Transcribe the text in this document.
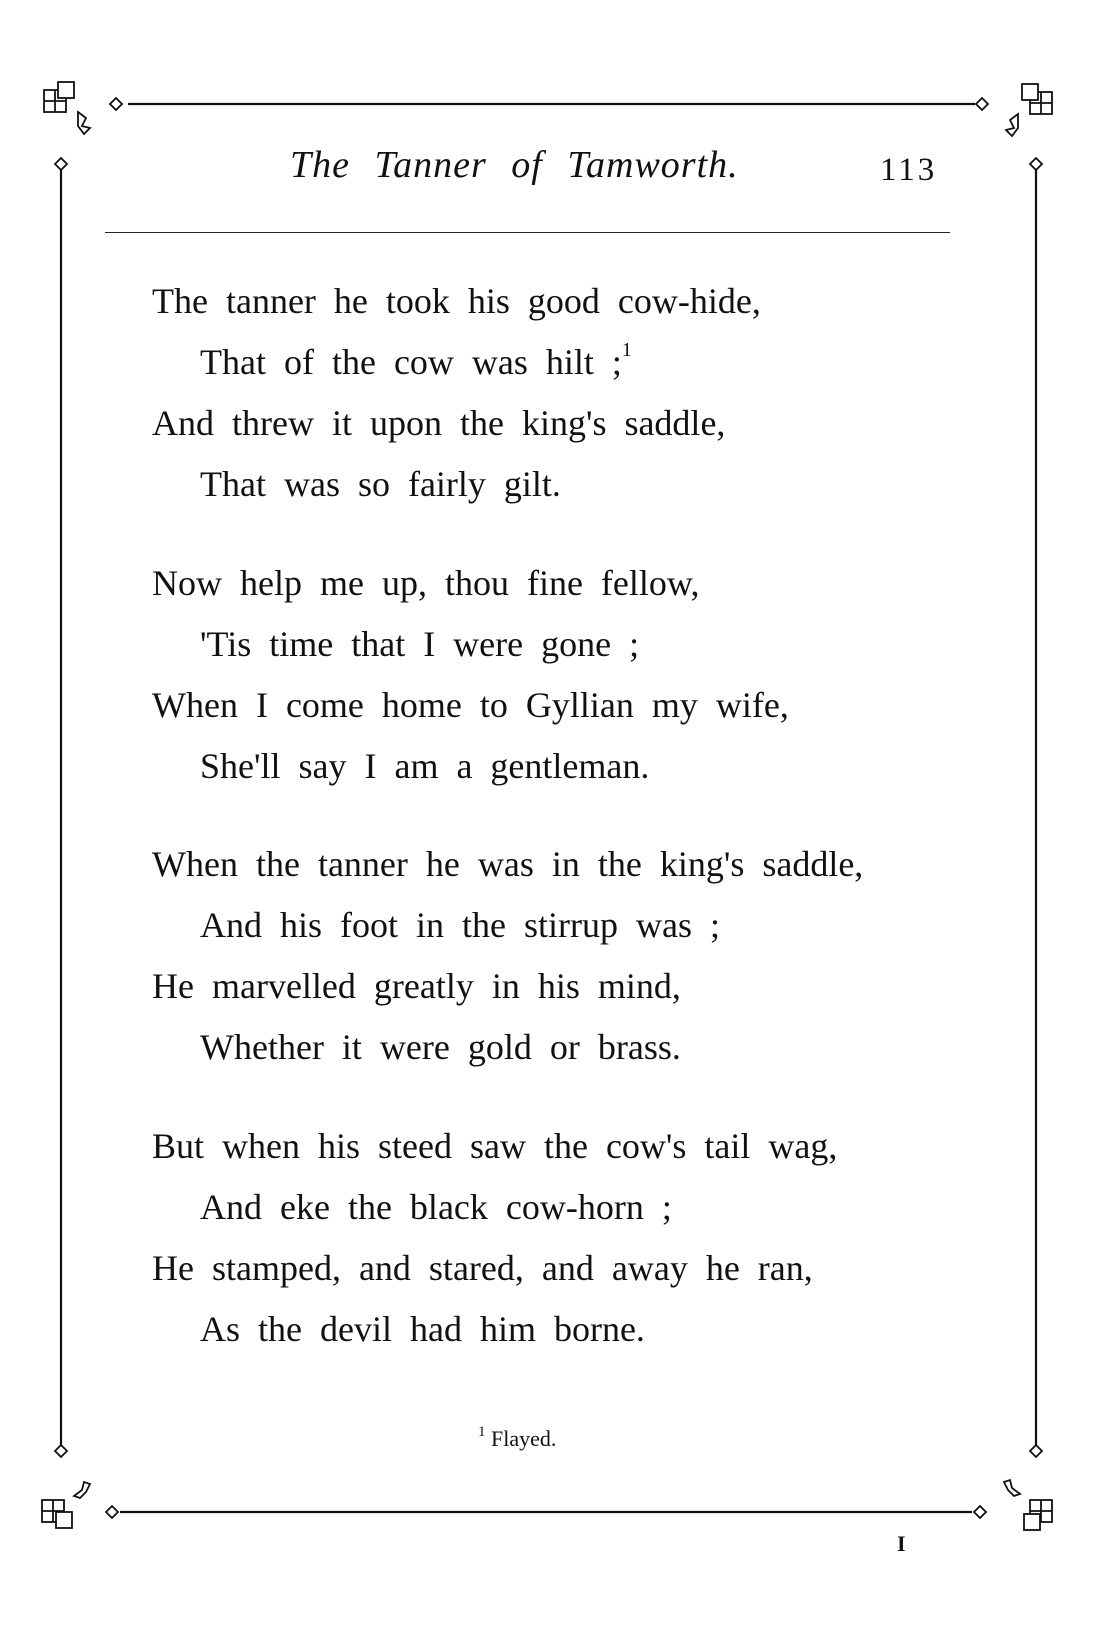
The Tanner of Tamworth.	113
The tanner he took his good cow-hide,
That of the cow was hilt ;$^1$
And threw it upon the king's saddle,
That was so fairly gilt.
Now help me up, thou fine fellow,
'Tis time that I were gone ;
When I come home to Gyllian my wife,
She'll say I am a gentleman.
When the tanner he was in the king's saddle,
And his foot in the stirrup was ;
He marvelled greatly in his mind,
Whether it were gold or brass.
But when his steed saw the cow's tail wag,
And eke the black cow-horn ;
He stamped, and stared, and away he ran,
As the devil had him borne.
$^1$ Flayed.
I
